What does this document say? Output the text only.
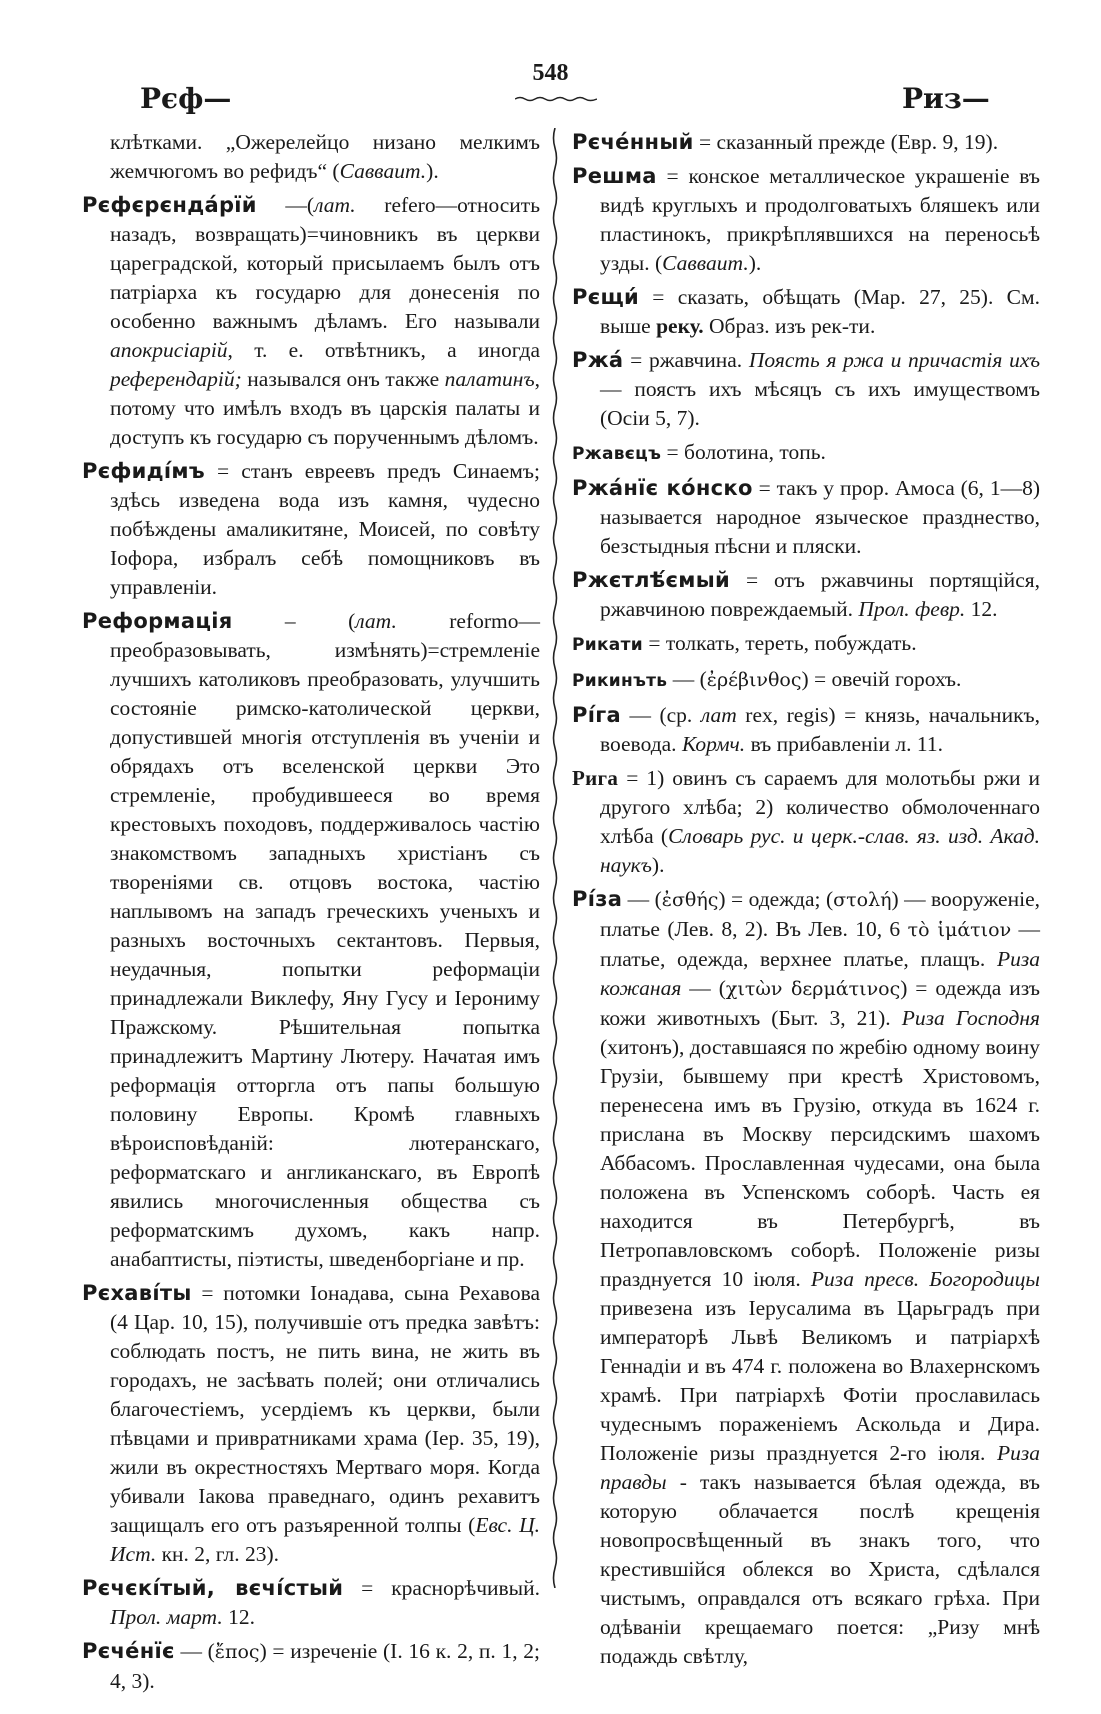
548
Рєф—	Риз—

клѣтками. „Ожерелейцо низано мелкимъ жемчюгомъ во рефидъ“ (Саввaит.).

Рєфєрєндáрїй —(лат. refero—относить назадъ, возвращать)=чиновникъ въ церкви цареградской, который присылаемъ былъ отъ патріарха къ государю для донесенія по особенно важнымъ дѣламъ. Его называли апокрисіарій, т. е. отвѣтникъ, а иногда референдарій; назывался онъ также палатинъ, потому что имѣлъ входъ въ царскія палаты и доступъ къ государю съ порученнымъ дѣломъ.

Рєфидíмъ = станъ евреевъ предъ Синаемъ; здѣсь изведена вода изъ камня, чудесно побѣждены амаликитяне, Моисей, по совѣту Іофора, избралъ себѣ помощниковъ въ управленіи.

Реформація – (лат. reformo—преобразовывать, измѣнять)=стремленіе лучшихъ католиковъ преобразовать, улучшить состояніе римско-католической церкви, допустившей многія отступленія въ ученіи и обрядахъ отъ вселенской церкви Это стремленіе, пробудившееся во время крестовыхъ походовъ, поддерживалось частію знакомствомъ западныхъ христіанъ съ твореніями св. отцовъ востока, частію наплывомъ на западъ греческихъ ученыхъ и разныхъ восточныхъ сектантовъ. Первыя, неудачныя, попытки реформаціи принадлежали Виклефу, Яну Гусу и Іерониму Пражскому. Рѣшительная попытка принадлежитъ Мартину Лютеру. Начатая имъ реформація отторгла отъ папы большую половину Европы. Кромѣ главныхъ вѣроисповѣданій: лютеранскаго, реформатскаго и англиканскаго, въ Европѣ явились многочисленныя общества съ реформатскимъ духомъ, какъ напр. анабаптисты, піэтисты, шведенборгіане и пр.

Рєхавíты = потомки Іонадава, сына Рехавова (4 Цар. 10, 15), получившіе отъ предка завѣтъ: соблюдать постъ, не пить вина, не жить въ городахъ, не засѣвать полей; они отличались благочестіемъ, усердіемъ къ церкви, были пѣвцами и привратниками храма (Іер. 35, 19), жили въ окрестностяхъ Мертваго моря. Когда убивали Іакова праведнаго, одинъ рехавитъ защищалъ его отъ разъяренной толпы (Евс. Ц. Ист. кн. 2, гл. 23).

Рєчєкíтый, вєчíстый = краснорѣчивый. Прол. март. 12.

Рєчéнїє — (ἔπος) = изреченіе (I. 16 к. 2, п. 1, 2; 4, 3).

Рєчéнный = сказанный прежде (Евр. 9, 19).

Решма = конское металлическое украшеніе въ видѣ круглыхъ и продолговатыхъ бляшекъ или пластинокъ, прикрѣплявшихся на переносьѣ узды. (Саввaит.).

Рєщи́ = сказать, обѣщать (Мар. 27, 25). См. выше реку. Образ. изъ рек-ти.

Ржá = ржавчина. Поясть я ржа и причастія ихъ — поястъ ихъ мѣсяцъ съ ихъ имуществомъ (Осіи 5, 7).

Ржавєцъ = болотина, топь.

Ржáнїє кóнско = такъ у прор. Амоса (6, 1—8) называется народное языческое празднество, безстыдныя пѣсни и пляски.

Ржєтлѣ́ємый = отъ ржавчины портящійся, ржавчиною повреждаемый. Прол. февр. 12.

Рикати = толкать, тереть, побуждать.

Рикинъть — (ἐρέβινθος) = овечій горохъ.

Рíга — (ср. лат rex, regis) = князь, начальникъ, воевода. Кормч. въ прибавленіи л. 11.

Рига = 1) овинъ съ сараемъ для молотьбы ржи и другого хлѣба; 2) количество обмолоченнаго хлѣба (Словарь рус. и церк.-слав. яз. изд. Акад. наукъ).

Рíза — (ἐσθής) = одежда; (στολή) — вооруженіе, платье (Лев. 8, 2). Въ Лев. 10, 6 τὸ ἱμάτιον — платье, одежда, верхнее платье, плащъ. Риза кожаная — (χιτὼν δερμάτινος) = одежда изъ кожи животныхъ (Быт. 3, 21). Риза Господня (хитонъ), доставшаяся по жребію одному воину Грузіи, бывшему при крестѣ Христовомъ, перенесена имъ въ Грузію, откуда въ 1624 г. прислана въ Москву персидскимъ шахомъ Аббасомъ. Прославленная чудесами, она была положена въ Успенскомъ соборѣ. Часть ея находится въ Петербургѣ, въ Петропавловскомъ соборѣ. Положеніе ризы празднуется 10 іюля. Риза пресв. Богородицы привезена изъ Іерусалима въ Царьградъ при императорѣ Львѣ Великомъ и патріархѣ Геннадіи и въ 474 г. положена во Влахернскомъ храмѣ. При патріархѣ Фотіи прославилась чудеснымъ пораженіемъ Аскольда и Дира. Положеніе ризы празднуется 2-го іюля. Риза правды - такъ называется бѣлая одежда, въ которую облачается послѣ крещенія новопросвѣщенный въ знакъ того, что крестившійся облекся во Христа, сдѣлался чистымъ, оправдался отъ всякаго грѣха. При одѣваніи крещаемаго поется: „Ризу мнѣ подаждь свѣтлу,
